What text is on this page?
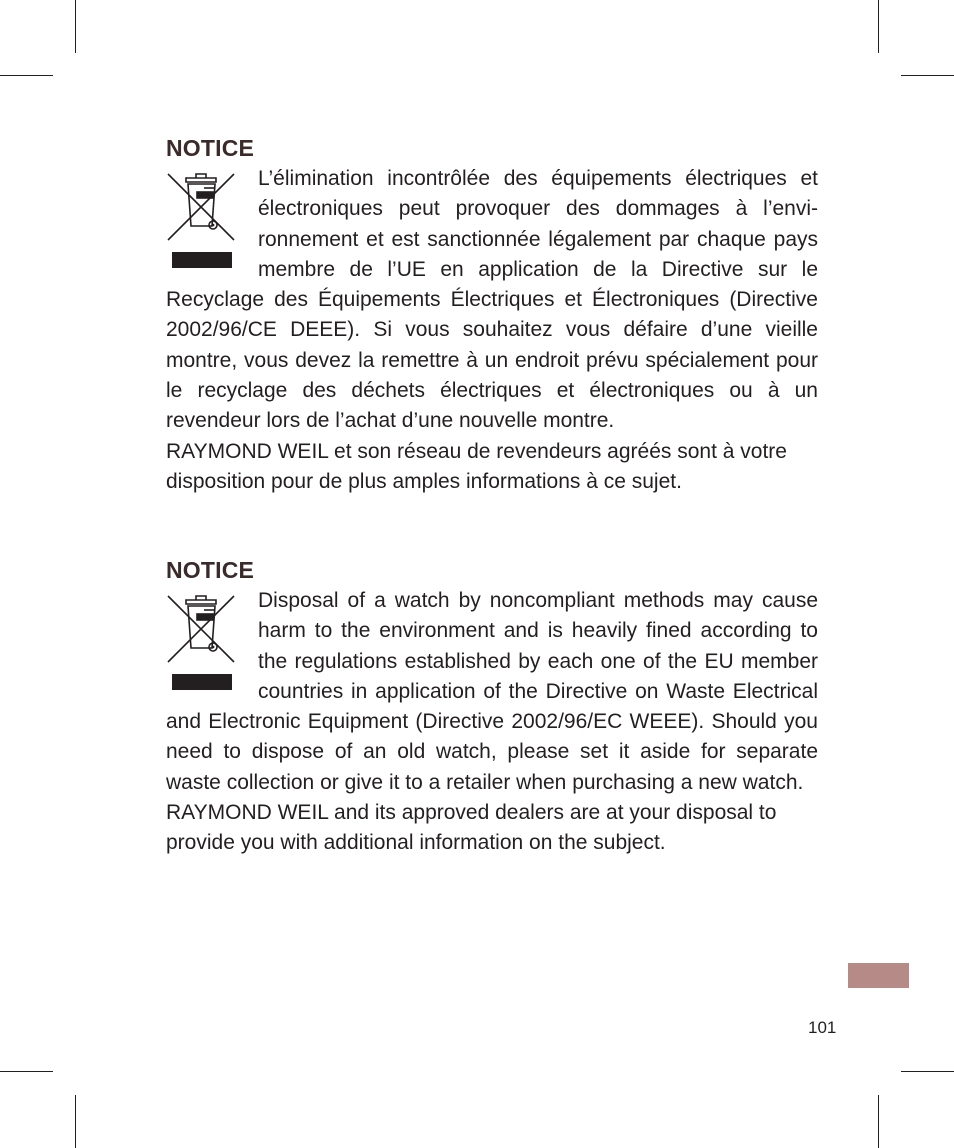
NOTICE

L’élimination incontrôlée des équipements électriques et électroniques peut provoquer des dommages à l’envi-ronnement et est sanctionnée légalement par chaque pays membre de l’UE en application de la Directive sur le Recyclage des Équipements Électriques et Électroniques (Directive 2002/96/CE DEEE). Si vous souhaitez vous défaire d’une vieille montre, vous devez la remettre à un endroit prévu spécialement pour le recyclage des déchets électriques et électroniques ou à un revendeur lors de l’achat d’une nouvelle montre.

RAYMOND WEIL et son réseau de revendeurs agréés sont à votre disposition pour de plus amples informations à ce sujet.

NOTICE

Disposal of a watch by noncompliant methods may cause harm to the environment and is heavily fined according to the regulations established by each one of the EU member countries in application of the Directive on Waste Electrical and Electronic Equipment (Directive 2002/96/EC WEEE). Should you need to dispose of an old watch, please set it aside for separate waste collection or give it to a retailer when purchasing a new watch.

RAYMOND WEIL and its approved dealers are at your disposal to provide you with additional information on the subject.

101
